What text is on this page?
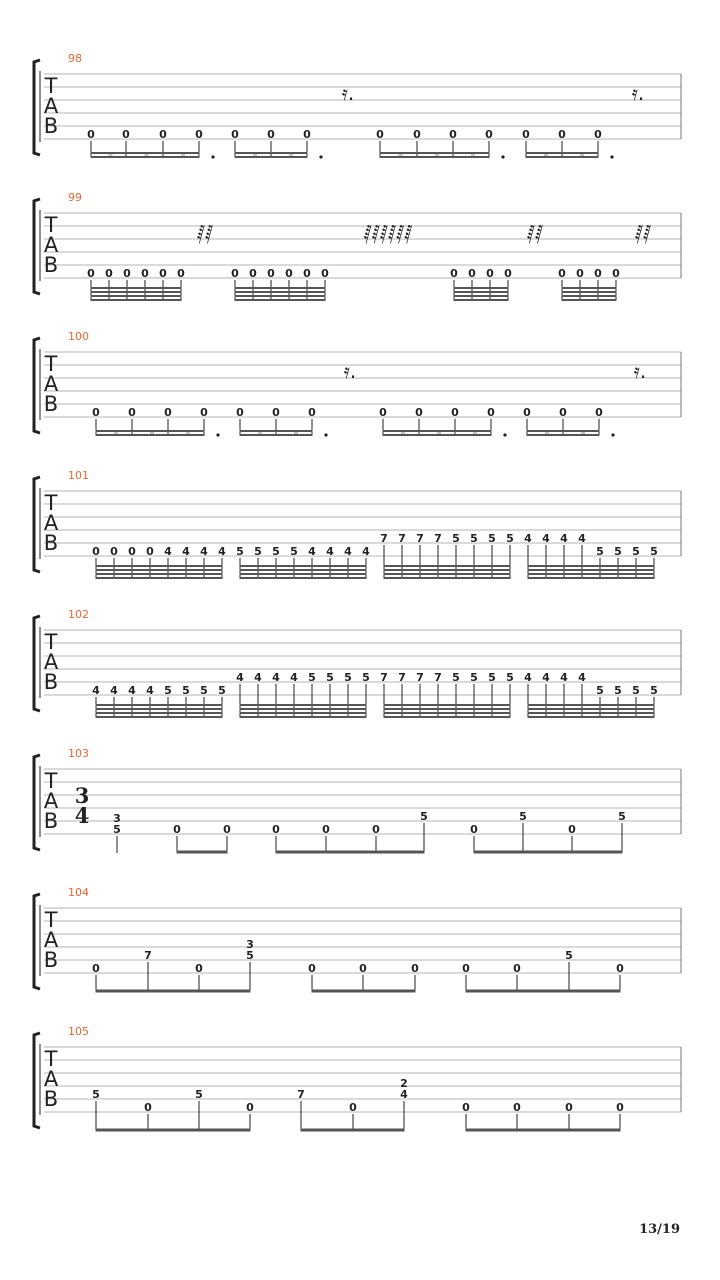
T
A
B
98
𝄿.	𝄿.
0 0	0	0	0	0	0	0	0	0	0	0	0	0
T
A
B
99
𝅁𝅁	𝅁𝅁𝅁𝅁𝅁𝅁	𝅁𝅁	𝅁𝅁
0 0 0 0 0 0	0 0 0 0 0 0	0 0 0 0	0 0 0 0
T
A
B
100
𝄿.	𝄿.
0	0	0	0	0	0	0	0	0	0	0	0	0	0
T
A
B
101
0 0 0 0 4 4 4 4 5 5 5 5 4 4 4 4
7 7 7 7 5 5 5 5 4 4 4 4
5 5 5 5
T
A
B
102
4 4 4 4 5 5 5 5
4 4 4 4 5 5 5 5 7 7 7 7 5 5 5 5 4 4 4 4
5 5 5 5
T
A
B
103
3
4
5
3
0	0	0	0	0
5
0
5
0
5
T
A
B
104
0
7
0
5
3
0	0	0	0	0
5
0
T
A
B
105
5
0
5
0
7
0
4
2
0	0	0	0
13/19
